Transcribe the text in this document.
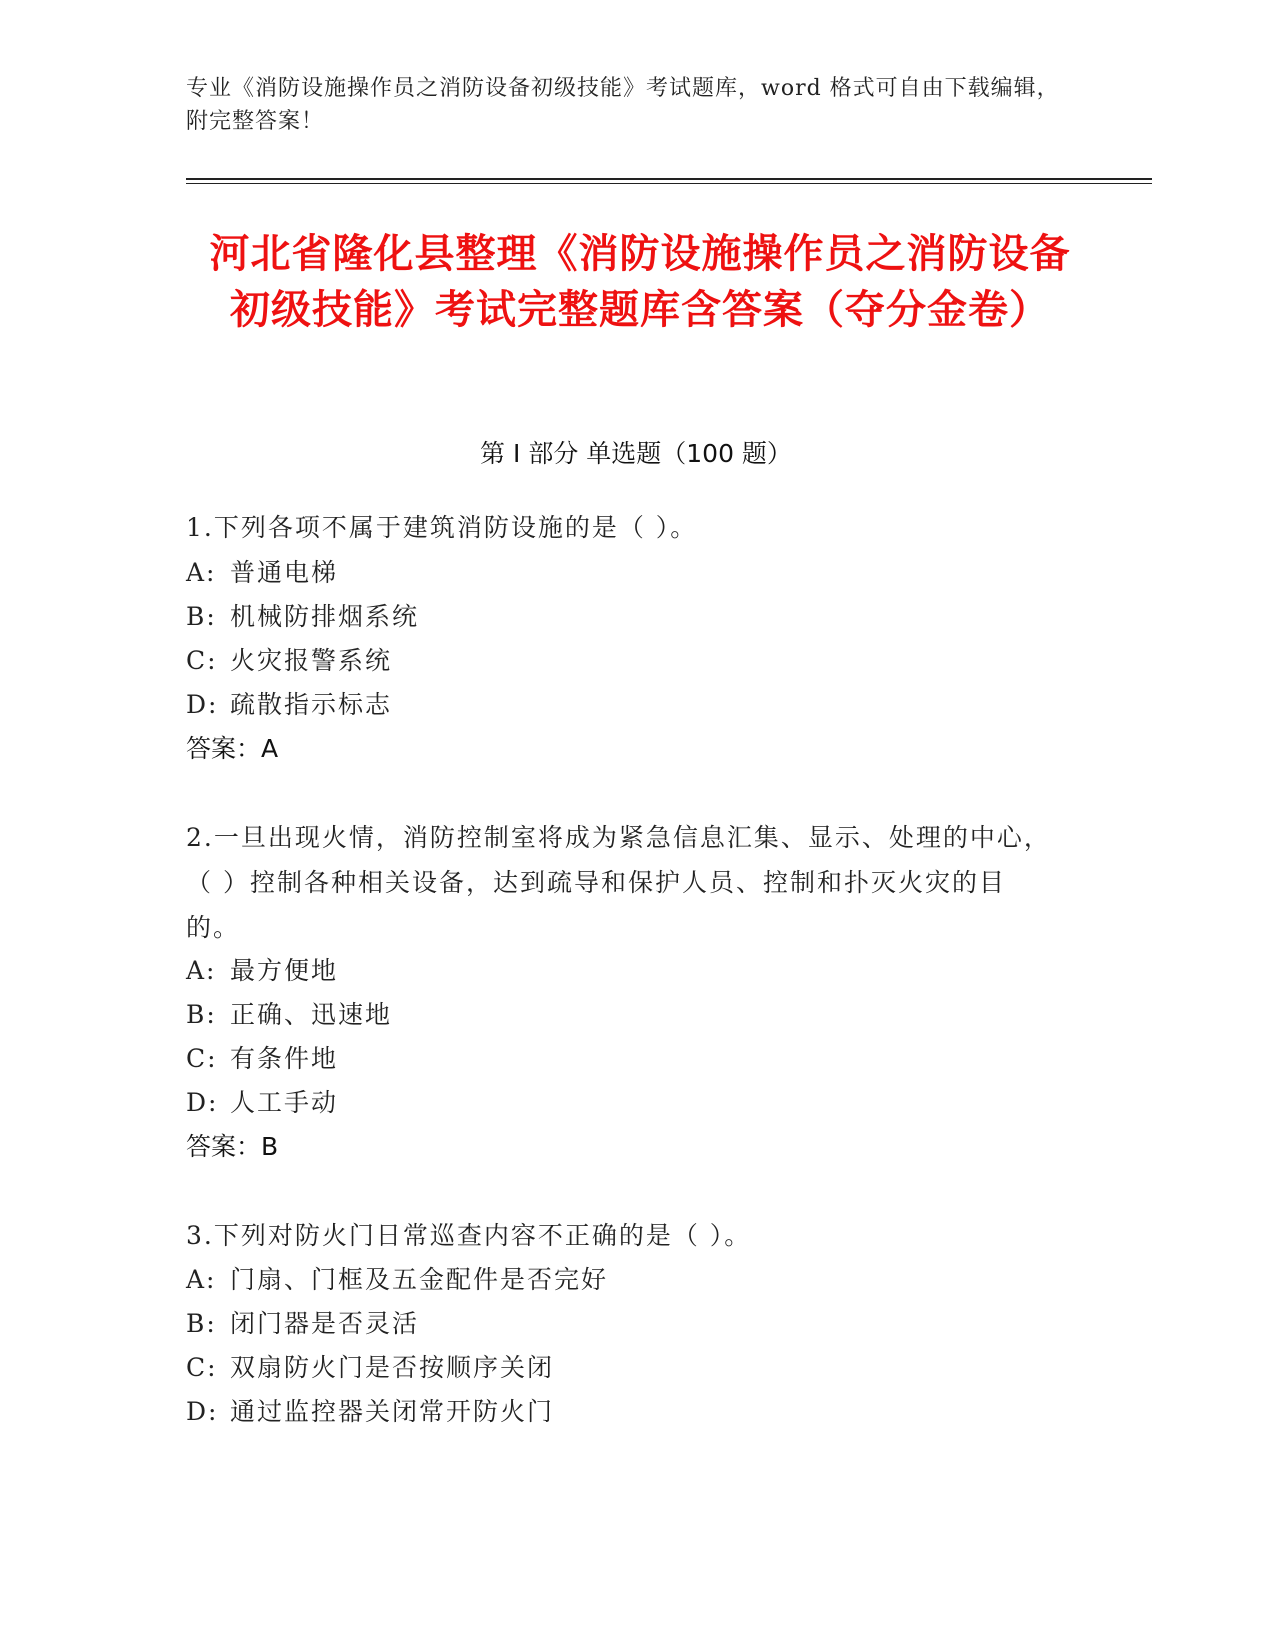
专业《消防设施操作员之消防设备初级技能》考试题库，word 格式可自由下载编辑，附完整答案！
河北省隆化县整理《消防设施操作员之消防设备初级技能》考试完整题库含答案（夺分金卷）
第 I 部分 单选题（100 题）
1.下列各项不属于建筑消防设施的是（ ）。
A: 普通电梯
B: 机械防排烟系统
C: 火灾报警系统
D: 疏散指示标志
答案：A
2.一旦出现火情，消防控制室将成为紧急信息汇集、显示、处理的中心，（ ）控制各种相关设备，达到疏导和保护人员、控制和扑灭火灾的目的。
A: 最方便地
B: 正确、迅速地
C: 有条件地
D: 人工手动
答案：B
3.下列对防火门日常巡查内容不正确的是（ ）。
A: 门扇、门框及五金配件是否完好
B: 闭门器是否灵活
C: 双扇防火门是否按顺序关闭
D: 通过监控器关闭常开防火门
